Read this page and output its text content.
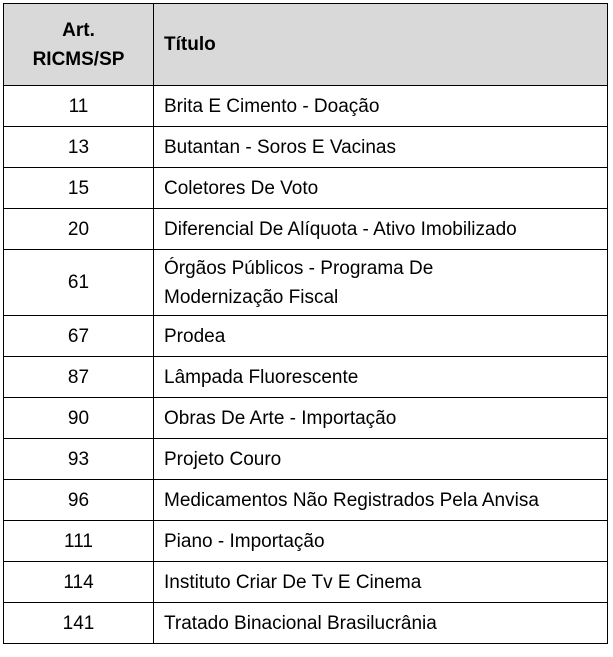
Art.
RICMS/SP	Título
11	Brita E Cimento - Doação
13	Butantan - Soros E Vacinas
15	Coletores De Voto
20	Diferencial De Alíquota - Ativo Imobilizado
61	Órgãos Públicos - Programa De
Modernização Fiscal

67	Prodea
87	Lâmpada Fluorescente
90	Obras De Arte - Importação
93	Projeto Couro
96	Medicamentos Não Registrados Pela Anvisa
111	Piano - Importação
114	Instituto Criar De Tv E Cinema
141	Tratado Binacional Brasilucrânia
